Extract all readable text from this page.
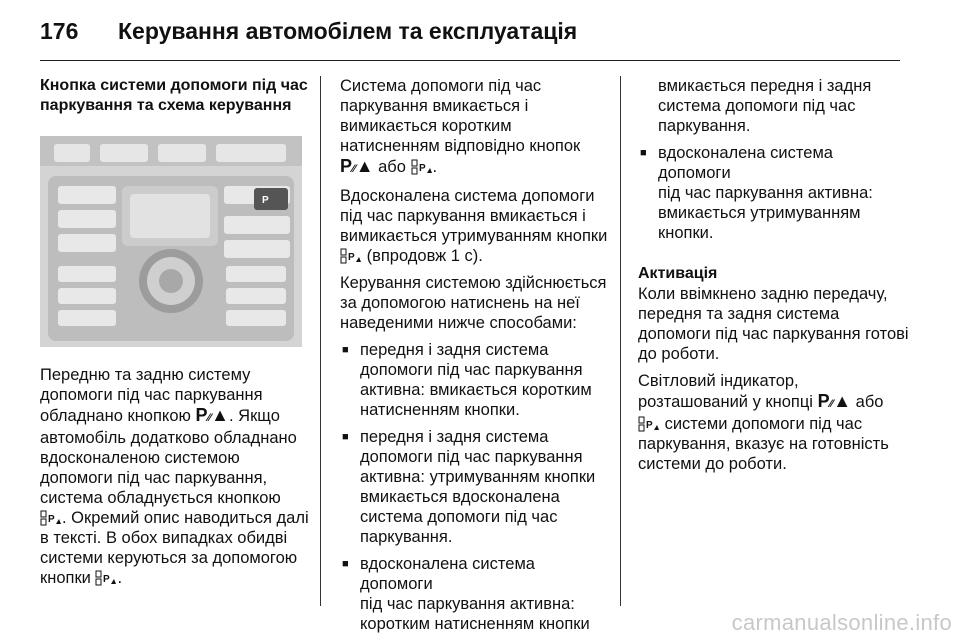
176 Керування автомобілем та експлуатація
Кнопка системи допомоги під час
паркування та схема керування
P

Передню та задню систему
допомоги під час паркування
обладнано кнопкою P⁄⁄▲. Якщо
автомобіль додатково обладнано
вдосконаленою системою
допомоги під час паркування,
система обладнується кнопкою

P . Окремий опис наводиться далі
в тексті. В обох випадках обидві
системи керуються за допомогою
кнопки P .

Система допомоги під час
паркування вмикається і
вимикається коротким
натисненням відповідно кнопок
P⁄⁄▲ або P .

Вдосконалена система допомоги
під час паркування вмикається і
вимикається утримуванням кнопки

P (впродовж 1 с).

Керування системою здійснюється
за допомогою натиснень на неї
наведеними нижче способами:

■ передня і задня система
допомоги під час паркування
активна: вмикається коротким
натисненням кнопки.
■ передня і задня система
допомоги під час паркування
активна: утримуванням кнопки
вмикається вдосконалена
система допомоги під час
паркування.
■ вдосконалена система допомоги
під час паркування активна:
коротким натисненням кнопки
вмикається передня і задня
система допомоги під час
паркування.
■ вдосконалена система допомоги
під час паркування активна:
вмикається утримуванням
кнопки.
Активація

Коли ввімкнено задню передачу,
передня та задня система
допомоги під час паркування готові
до роботи.

Світловий індикатор,
розташований у кнопці P⁄⁄▲ або

P системи допомоги під час
паркування, вказує на готовність
системи до роботи.

carmanualsonline.info
